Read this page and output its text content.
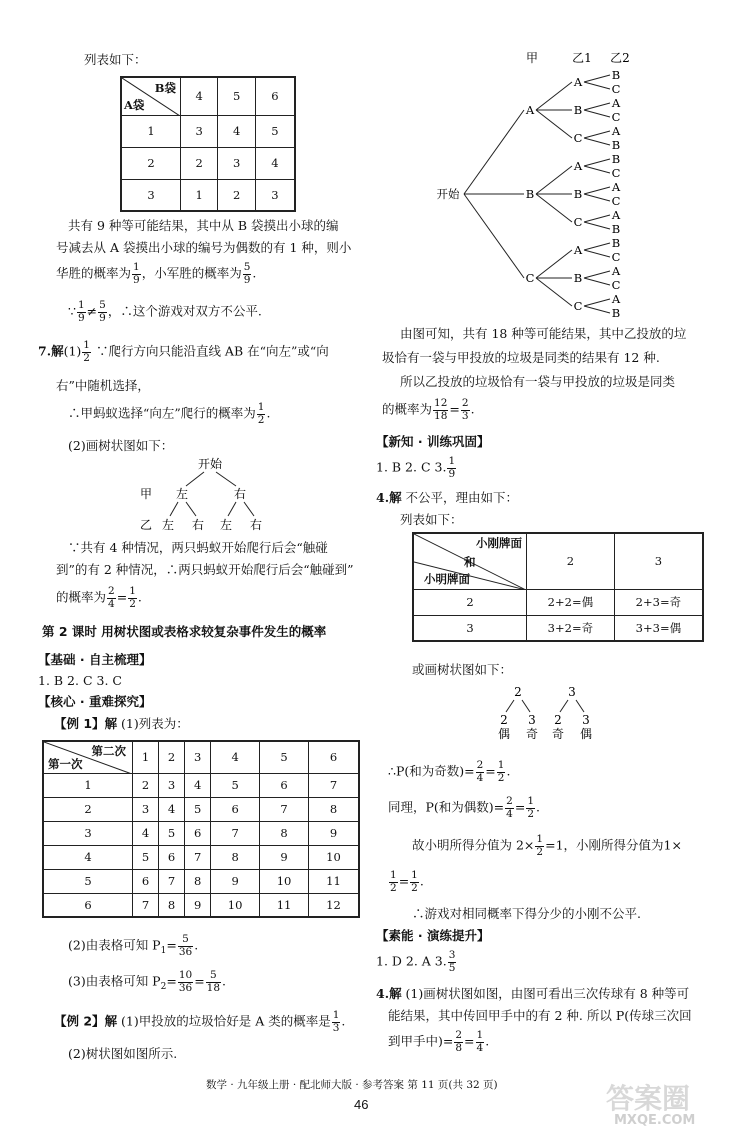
列表如下：
B袋
A袋	4	5	6
1	3	4	5
2	2	3	4
3	1	2	3
共有 9 种等可能结果，其中从 B 袋摸出小球的编
号减去从 A 袋摸出小球的编号为偶数的有 1 种，则小
华胜的概率为 $\frac{1}{9}$ ，小军胜的概率为 $\frac{5}{9}$ .
∵ $\frac{1}{9} \ne \frac{5}{9}$ ，∴这个游戏对双方不公平.
7.解$(1) \frac{1}{2}$ ∵爬行方向只能沿直线 AB 在“向左”或“向
右”中随机选择，
∴甲蚂蚁选择“向左”爬行的概率为 $\frac{1}{2}$ .
(2)画树状图如下：
开始
甲
乙
左	右
左 右 左 右
∵共有 4 种情况，两只蚂蚁开始爬行后会“触碰
到”的有 2 种情况，∴两只蚂蚁开始爬行后会“触碰到”
的概率为 $\frac{2}{4} = \frac{1}{2}$ .
第 2 课时 用树状图或表格求较复杂事件发生的概率
【基础 · 自主梳理】
1. B 2. C 3. C
【核心 · 重难探究】
【例 1】解 (1)列表为：
第二次
第一次	1	2	3	4	5	6
1	2	3	4	5	6	7
2	3	4	5	6	7	8
3	4	5	6	7	8	9
4	5	6	7	8	9	10
5	6	7	8	9	10	11
6	7	8	9	10	11	12
(2)由表格可知 $P_1= \frac{5}{36}$ .
(3)由表格可知 $P_2= \frac{10}{36} = \frac{5}{18}$ .
【例 2】解 (1)甲投放的垃圾恰好是 A 类的概率是 $\frac{1}{3}$ .
(2)树状图如图所示.
甲	乙1 乙2
开始
A
A	B
C
B	A
C
C	A
B
B
A	B
C
B	A
C
C	A
B
C
A	B
C
B	A
C
C	A
B
由图可知，共有 18 种等可能结果，其中乙投放的垃
圾恰有一袋与甲投放的垃圾是同类的结果有 12 种.
所以乙投放的垃圾恰有一袋与甲投放的垃圾是同类
的概率为 $\frac{12}{18} = \frac{2}{3}$ .
【新知 · 训练巩固】
1. B 2. C 3. $\frac{1}{9}$
4.解 不公平，理由如下：
列表如下：
小刚牌面
和
小明牌面	2	3
2	2+2=偶	2+3=奇
3	3+2=奇	3+3=偶
或画树状图如下：
2	3
2 3 2 3
偶 奇 奇 偶
∴P(和为奇数)= $\frac{2}{4} = \frac{1}{2}$ .
同理，P(和为偶数)= $\frac{2}{4} = \frac{1}{2}$ .
故小明所得分值为 $2\times \frac{1}{2} =1$，小刚所得分值为1×
$\frac{1}{2} = \frac{1}{2}$ .
∴游戏对相同概率下得分少的小刚不公平.
【素能 · 演练提升】
1. D 2. A 3. $\frac{3}{5}$
4.解 (1)画树状图如图，由图可看出三次传球有 8 种等可
能结果，其中传回甲手中的有 2 种. 所以 P(传球三次回
到甲手中)= $\frac{2}{8} = \frac{1}{4}$ .
数学 · 九年级上册 · 配北师大版 · 参考答案 第 11 页(共 32 页)
46	答案圈
MXQE.COM
